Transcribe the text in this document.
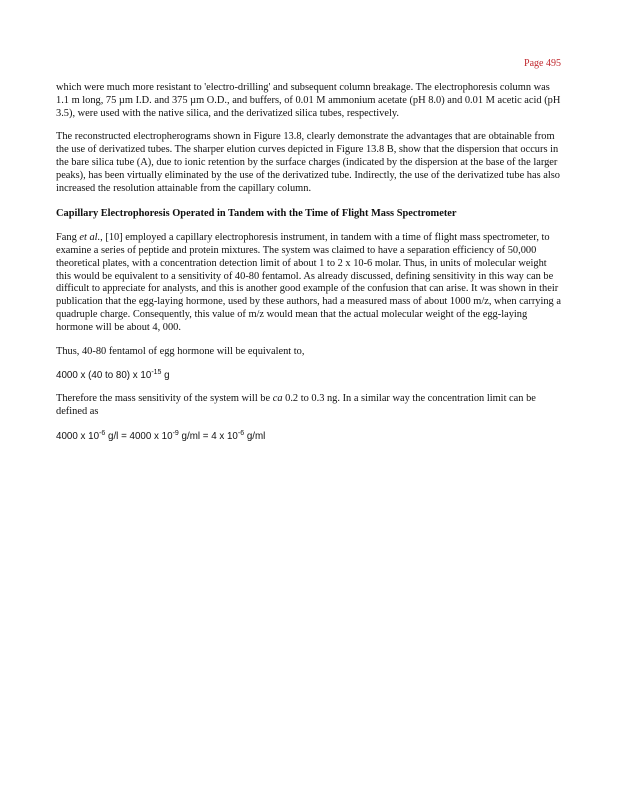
Page 495

which were much more resistant to 'electro-drilling' and subsequent column breakage. The electrophoresis column was 1.1 m long, 75 µm I.D. and 375 µm O.D., and buffers, of 0.01 M ammonium acetate (pH 8.0) and 0.01 M acetic acid (pH 3.5), were used with the native silica, and the derivatized silica tubes, respectively.

The reconstructed electropherograms shown in Figure 13.8, clearly demonstrate the advantages that are obtainable from the use of derivatized tubes. The sharper elution curves depicted in Figure 13.8 B, show that the dispersion that occurs in the bare silica tube (A), due to ionic retention by the surface charges (indicated by the dispersion at the base of the larger peaks), has been virtually eliminated by the use of the derivatized tube. Indirectly, the use of the derivatized tube has also increased the resolution attainable from the capillary column.

Capillary Electrophoresis Operated in Tandem with the Time of Flight Mass Spectrometer

Fang et al., [10] employed a capillary electrophoresis instrument, in tandem with a time of flight mass spectrometer, to examine a series of peptide and protein mixtures. The system was claimed to have a separation efficiency of 50,000 theoretical plates, with a concentration detection limit of about 1 to 2 x 10-6 molar. Thus, in units of molecular weight this would be equivalent to a sensitivity of 40-80 fentamol. As already discussed, defining sensitivity in this way can be difficult to appreciate for analysts, and this is another good example of the confusion that can arise. It was shown in their publication that the egg-laying hormone, used by these authors, had a measured mass of about 1000 m/z, when carrying a quadruple charge. Consequently, this value of m/z would mean that the actual molecular weight of the egg-laying hormone will be about 4, 000.

Thus, 40-80 fentamol of egg hormone will be equivalent to,

4000 x (40 to 80) x $10^{-15}$ g

Therefore the mass sensitivity of the system will be ca 0.2 to 0.3 ng. In a similar way the concentration limit can be defined as

4000 x $10^{-6}$ g/l = 4000 x $10^{-9}$ g/ml = 4 x $10^{-6}$ g/ml
